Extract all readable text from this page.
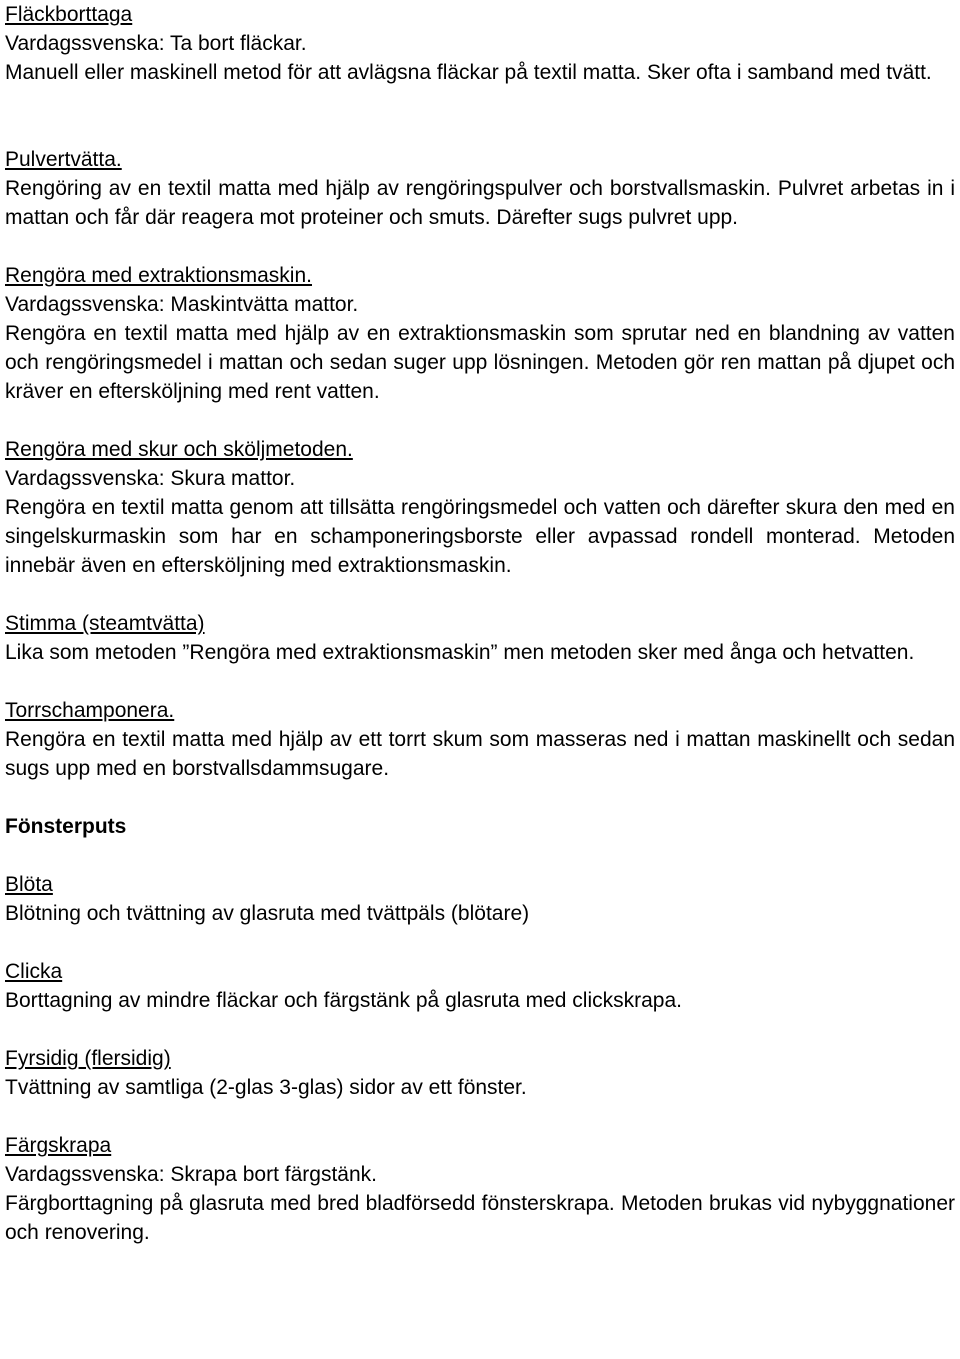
Fläckborttaga
Vardagssvenska: Ta bort fläckar.
Manuell eller maskinell metod för att avlägsna fläckar på textil matta. Sker ofta i samband med tvätt.
Pulvertvätta.
Rengöring av en textil matta med hjälp av rengöringspulver och borstvallsmaskin. Pulvret arbetas in i mattan och får där reagera mot proteiner och smuts. Därefter sugs pulvret upp.
Rengöra med extraktionsmaskin.
Vardagssvenska: Maskintvätta mattor.
Rengöra en textil matta med hjälp av en extraktionsmaskin som sprutar ned en blandning av vatten och rengöringsmedel i mattan och sedan suger upp lösningen. Metoden gör ren mattan på djupet och kräver en eftersköljning med rent vatten.
Rengöra med skur och sköljmetoden.
Vardagssvenska: Skura mattor.
Rengöra en textil matta genom att tillsätta rengöringsmedel och vatten och därefter skura den med en singelskurmaskin som har en schamponeringsborste eller avpassad rondell monterad. Metoden innebär även en eftersköljning med extraktionsmaskin.
Stimma (steamtvätta)
Lika som metoden ”Rengöra med extraktionsmaskin” men metoden sker med ånga och hetvatten.
Torrschamponera.
Rengöra en textil matta med hjälp av ett torrt skum som masseras ned i mattan maskinellt och sedan sugs upp med en borstvallsdammsugare.
Fönsterputs
Blöta
Blötning och tvättning av glasruta med tvättpäls (blötare)
Clicka
Borttagning av mindre fläckar och färgstänk på glasruta med clickskrapa.
Fyrsidig (flersidig)
Tvättning av samtliga (2-glas 3-glas) sidor av ett fönster.
Färgskrapa
Vardagssvenska: Skrapa bort färgstänk.
Färgborttagning på glasruta med bred bladförsedd fönsterskrapa. Metoden brukas vid nybyggnationer och renovering.
